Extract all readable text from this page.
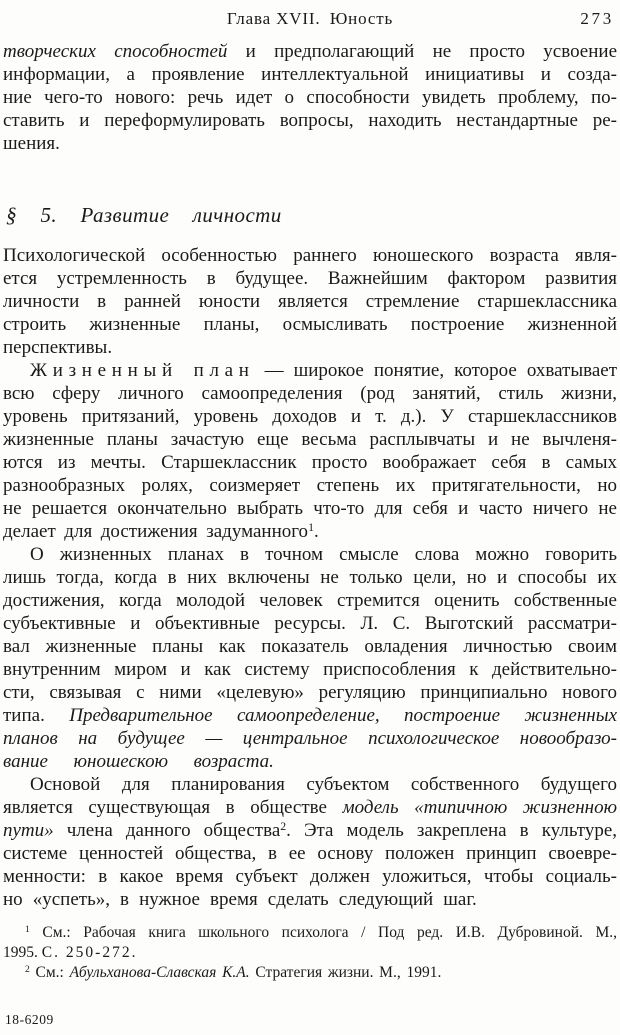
Глава XVII. Юность	273
творческих способностей и предполагающий не просто усвоение
информации, а проявление интеллектуальной инициативы и созда-
ние чего-то нового: речь идет о способности увидеть проблему, по-
ставить и переформулировать вопросы, находить нестандартные ре-
шения.
§ 5. Развитие личности
Психологической особенностью раннего юношеского возраста явля-
ется устремленность в будущее. Важнейшим фактором развития
личности в ранней юности является стремление старшеклассника
строить жизненные планы, осмысливать построение жизненной
перспективы.
Жизненный план — широкое понятие, которое охватывает
всю сферу личного самоопределения (род занятий, стиль жизни,
уровень притязаний, уровень доходов и т. д.). У старшеклассников
жизненные планы зачастую еще весьма расплывчаты и не вычленя-
ются из мечты. Старшеклассник просто воображает себя в самых
разнообразных ролях, соизмеряет степень их притягательности, но
не решается окончательно выбрать что-то для себя и часто ничего не
делает для достижения задуманного$^1$.
О жизненных планах в точном смысле слова можно говорить
лишь тогда, когда в них включены не только цели, но и способы их
достижения, когда молодой человек стремится оценить собственные
субъективные и объективные ресурсы. Л. С. Выготский рассматри-
вал жизненные планы как показатель овладения личностью своим
внутренним миром и как систему приспособления к действительно-
сти, связывая с ними «целевую» регуляцию принципиально нового
типа. Предварительное самоопределение, построение жизненных
планов на будущее — центральное психологическое новообразо-
вание юношескою возраста.
Основой для планирования субъектом собственного будущего
является существующая в обществе модель «типичною жизненною
пути» члена данного общества$^2$. Эта модель закреплена в культуре,
системе ценностей общества, в ее основу положен принцип своевре-
менности: в какое время субъект должен уложиться, чтобы социаль-
но «успеть», в нужное время сделать следующий шаг.
$^1$ См.: Рабочая книга школьного психолога / Под ред. И.В. Дубровиной. М.,
1995. С. 250-272.
$^2$ См.: Абульханова-Славская К.А. Стратегия жизни. М., 1991.
18-6209
